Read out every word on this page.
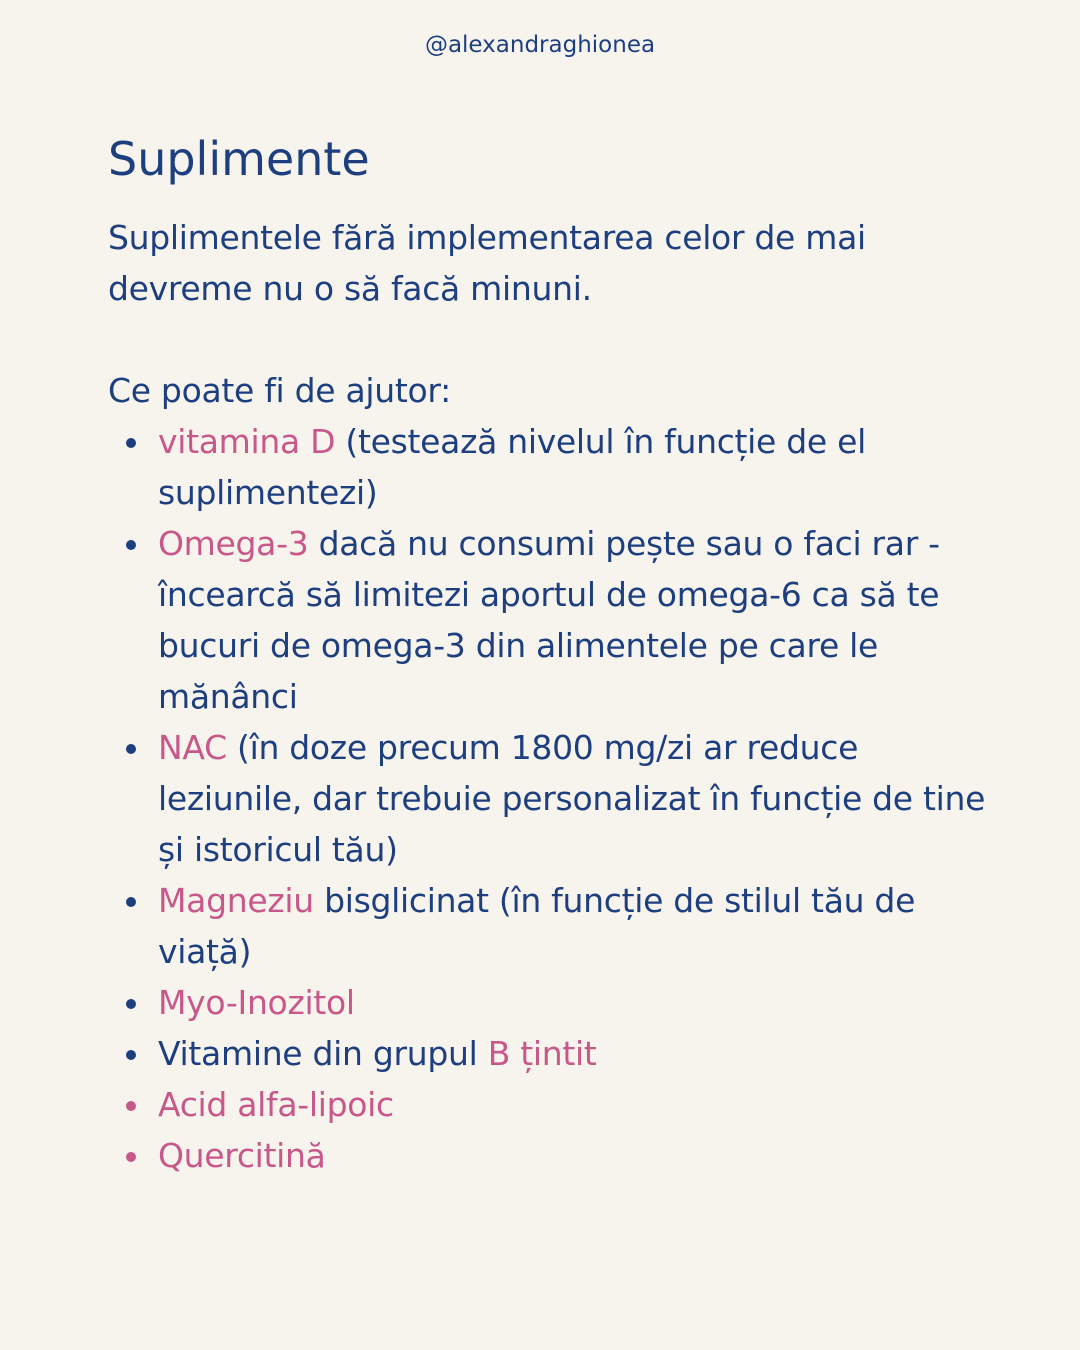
@alexandraghionea
Suplimente
Suplimentele fără implementarea celor de mai devreme nu o să facă minuni.
Ce poate fi de ajutor:
vitamina D (testează nivelul în funcție de el suplimentezi)
Omega-3 dacă nu consumi pește sau o faci rar - încearcă să limitezi aportul de omega-6 ca să te bucuri de omega-3 din alimentele pe care le mănânci
NAC (în doze precum 1800 mg/zi ar reduce leziunile, dar trebuie personalizat în funcție de tine și istoricul tău)
Magneziu bisglicinat (în funcție de stilul tău de viață)
Myo-Inozitol
Vitamine din grupul B țintit
Acid alfa-lipoic
Quercitină
